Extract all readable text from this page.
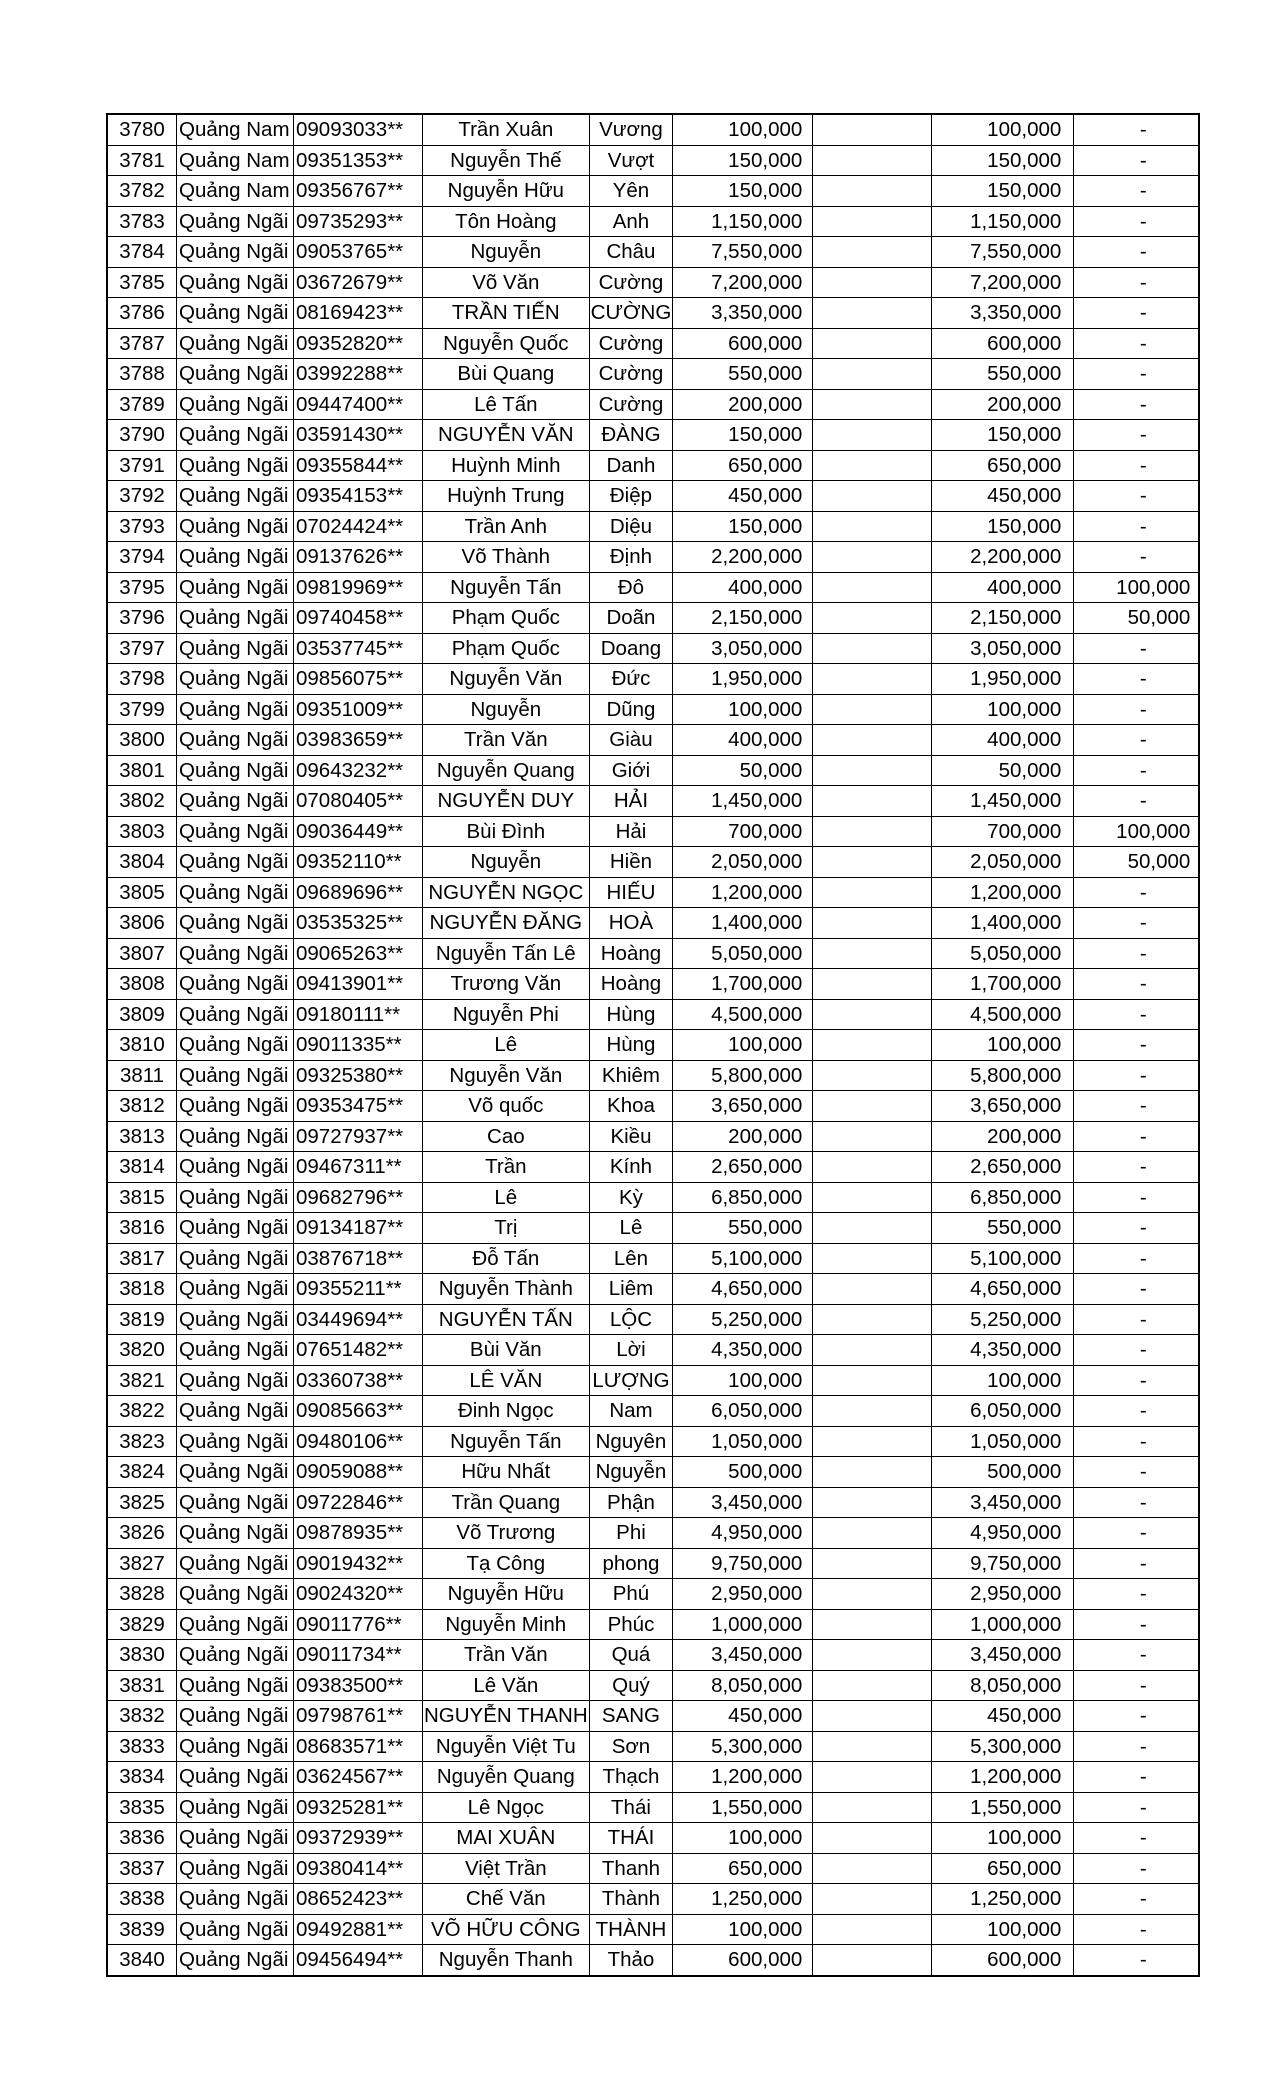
3780	Quảng Nam	09093033**	Trần Xuân	Vương	100,000		100,000	-
3781	Quảng Nam	09351353**	Nguyễn Thế	Vượt	150,000		150,000	-
3782	Quảng Nam	09356767**	Nguyễn Hữu	Yên	150,000		150,000	-
3783	Quảng Ngãi	09735293**	Tôn Hoàng	Anh	1,150,000		1,150,000	-
3784	Quảng Ngãi	09053765**	Nguyễn	Châu	7,550,000		7,550,000	-
3785	Quảng Ngãi	03672679**	Võ Văn	Cường	7,200,000		7,200,000	-
3786	Quảng Ngãi	08169423**	TRẦN TIẾN	CƯỜNG	3,350,000		3,350,000	-
3787	Quảng Ngãi	09352820**	Nguyễn Quốc	Cường	600,000		600,000	-
3788	Quảng Ngãi	03992288**	Bùi Quang	Cường	550,000		550,000	-
3789	Quảng Ngãi	09447400**	Lê Tấn	Cường	200,000		200,000	-
3790	Quảng Ngãi	03591430**	NGUYỄN VĂN	ĐÀNG	150,000		150,000	-
3791	Quảng Ngãi	09355844**	Huỳnh Minh	Danh	650,000		650,000	-
3792	Quảng Ngãi	09354153**	Huỳnh Trung	Điệp	450,000		450,000	-
3793	Quảng Ngãi	07024424**	Trần Anh	Diệu	150,000		150,000	-
3794	Quảng Ngãi	09137626**	Võ Thành	Định	2,200,000		2,200,000	-
3795	Quảng Ngãi	09819969**	Nguyễn Tấn	Đô	400,000		400,000	100,000
3796	Quảng Ngãi	09740458**	Phạm Quốc	Doãn	2,150,000		2,150,000	50,000
3797	Quảng Ngãi	03537745**	Phạm Quốc	Doang	3,050,000		3,050,000	-
3798	Quảng Ngãi	09856075**	Nguyễn Văn	Đức	1,950,000		1,950,000	-
3799	Quảng Ngãi	09351009**	Nguyễn	Dũng	100,000		100,000	-
3800	Quảng Ngãi	03983659**	Trần Văn	Giàu	400,000		400,000	-
3801	Quảng Ngãi	09643232**	Nguyễn Quang	Giới	50,000		50,000	-
3802	Quảng Ngãi	07080405**	NGUYỄN DUY	HẢI	1,450,000		1,450,000	-
3803	Quảng Ngãi	09036449**	Bùi Đình	Hải	700,000		700,000	100,000
3804	Quảng Ngãi	09352110**	Nguyễn	Hiền	2,050,000		2,050,000	50,000
3805	Quảng Ngãi	09689696**	NGUYỄN NGỌC	HIẾU	1,200,000		1,200,000	-
3806	Quảng Ngãi	03535325**	NGUYỄN ĐĂNG	HOÀ	1,400,000		1,400,000	-
3807	Quảng Ngãi	09065263**	Nguyễn Tấn Lê	Hoàng	5,050,000		5,050,000	-
3808	Quảng Ngãi	09413901**	Trương Văn	Hoàng	1,700,000		1,700,000	-
3809	Quảng Ngãi	09180111**	Nguyễn Phi	Hùng	4,500,000		4,500,000	-
3810	Quảng Ngãi	09011335**	Lê	Hùng	100,000		100,000	-
3811	Quảng Ngãi	09325380**	Nguyễn Văn	Khiêm	5,800,000		5,800,000	-
3812	Quảng Ngãi	09353475**	Võ quốc	Khoa	3,650,000		3,650,000	-
3813	Quảng Ngãi	09727937**	Cao	Kiều	200,000		200,000	-
3814	Quảng Ngãi	09467311**	Trần	Kính	2,650,000		2,650,000	-
3815	Quảng Ngãi	09682796**	Lê	Kỳ	6,850,000		6,850,000	-
3816	Quảng Ngãi	09134187**	Trị	Lê	550,000		550,000	-
3817	Quảng Ngãi	03876718**	Đỗ Tấn	Lên	5,100,000		5,100,000	-
3818	Quảng Ngãi	09355211**	Nguyễn Thành	Liêm	4,650,000		4,650,000	-
3819	Quảng Ngãi	03449694**	NGUYỄN TẤN	LỘC	5,250,000		5,250,000	-
3820	Quảng Ngãi	07651482**	Bùi Văn	Lời	4,350,000		4,350,000	-
3821	Quảng Ngãi	03360738**	LÊ VĂN	LƯỢNG	100,000		100,000	-
3822	Quảng Ngãi	09085663**	Đinh Ngọc	Nam	6,050,000		6,050,000	-
3823	Quảng Ngãi	09480106**	Nguyễn Tấn	Nguyên	1,050,000		1,050,000	-
3824	Quảng Ngãi	09059088**	Hữu Nhất	Nguyễn	500,000		500,000	-
3825	Quảng Ngãi	09722846**	Trần Quang	Phận	3,450,000		3,450,000	-
3826	Quảng Ngãi	09878935**	Võ Trương	Phi	4,950,000		4,950,000	-
3827	Quảng Ngãi	09019432**	Tạ Công	phong	9,750,000		9,750,000	-
3828	Quảng Ngãi	09024320**	Nguyễn Hữu	Phú	2,950,000		2,950,000	-
3829	Quảng Ngãi	09011776**	Nguyễn Minh	Phúc	1,000,000		1,000,000	-
3830	Quảng Ngãi	09011734**	Trần Văn	Quá	3,450,000		3,450,000	-
3831	Quảng Ngãi	09383500**	Lê Văn	Quý	8,050,000		8,050,000	-
3832	Quảng Ngãi	09798761**	NGUYỄN THANH	SANG	450,000		450,000	-
3833	Quảng Ngãi	08683571**	Nguyễn Việt Tu	Sơn	5,300,000		5,300,000	-
3834	Quảng Ngãi	03624567**	Nguyễn Quang	Thạch	1,200,000		1,200,000	-
3835	Quảng Ngãi	09325281**	Lê Ngọc	Thái	1,550,000		1,550,000	-
3836	Quảng Ngãi	09372939**	MAI XUÂN	THÁI	100,000		100,000	-
3837	Quảng Ngãi	09380414**	Việt Trần	Thanh	650,000		650,000	-
3838	Quảng Ngãi	08652423**	Chế Văn	Thành	1,250,000		1,250,000	-
3839	Quảng Ngãi	09492881**	VÕ HỮU CÔNG	THÀNH	100,000		100,000	-
3840	Quảng Ngãi	09456494**	Nguyễn Thanh	Thảo	600,000		600,000	-
